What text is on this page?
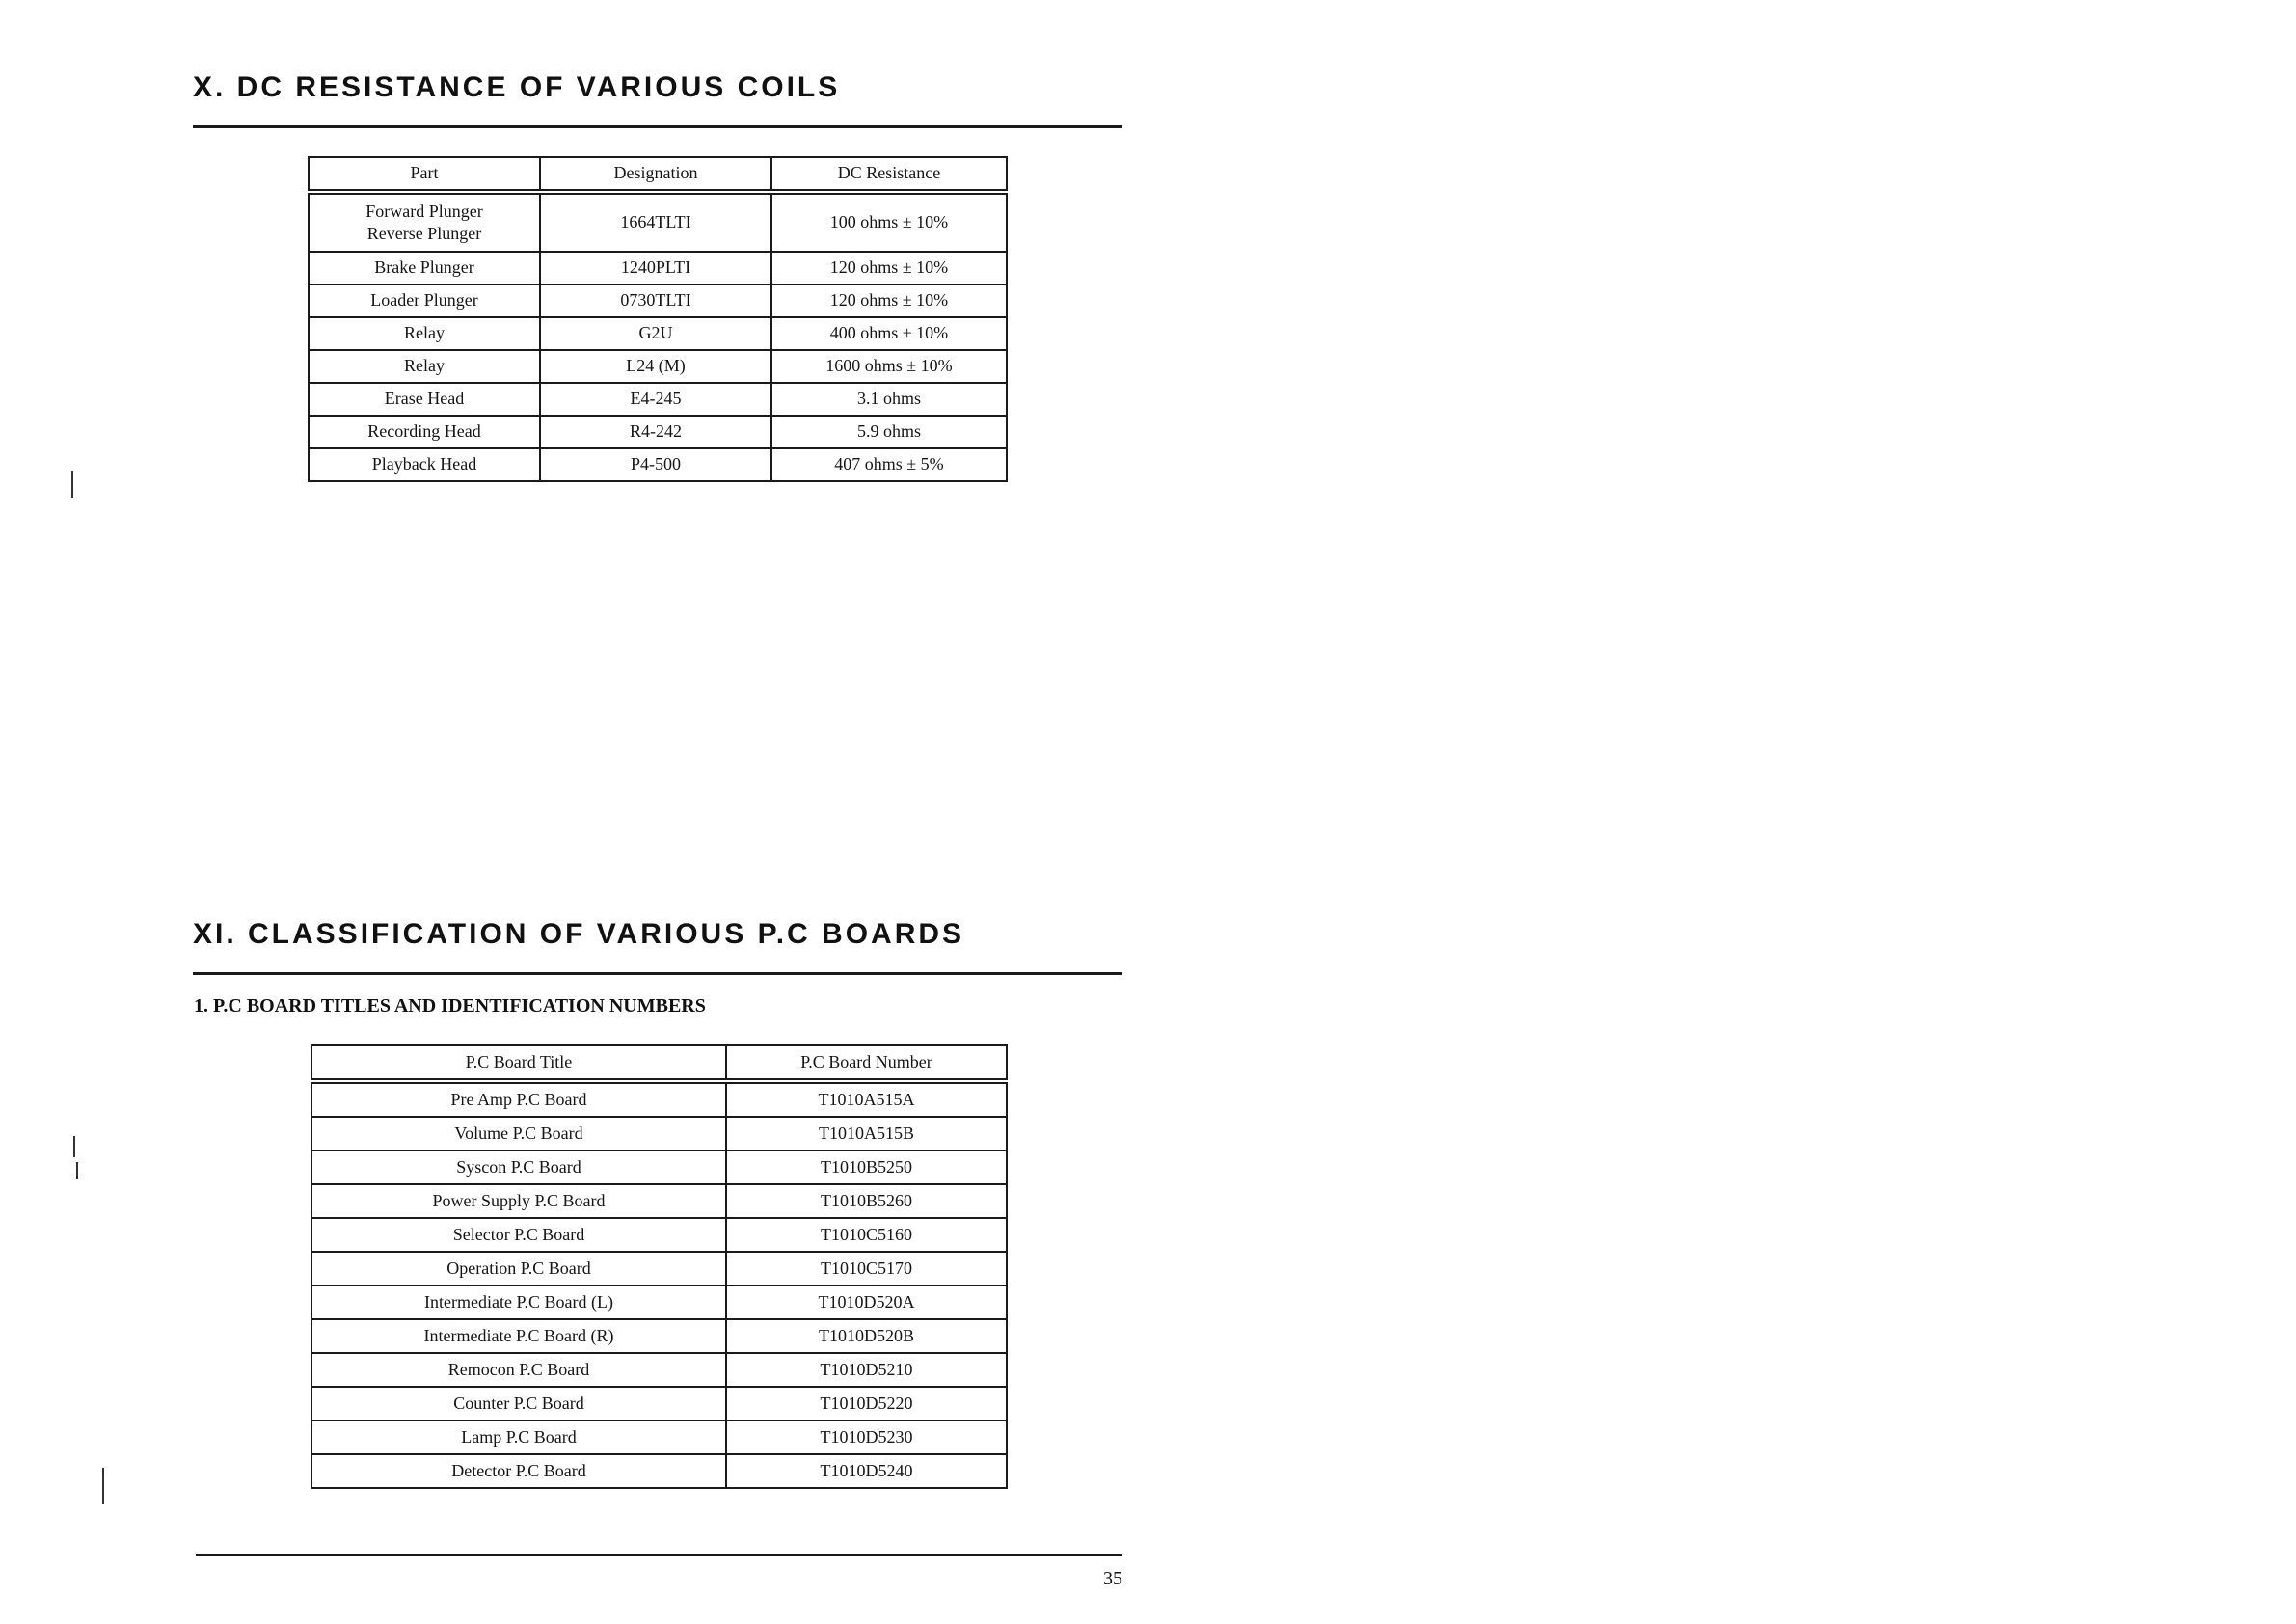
X. DC RESISTANCE OF VARIOUS COILS
Part	Designation	DC Resistance

Forward Plunger
Reverse Plunger	1664TLTI	100 ohms ± 10%
Brake Plunger	1240PLTI	120 ohms ± 10%
Loader Plunger	0730TLTI	120 ohms ± 10%
Relay	G2U	400 ohms ± 10%
Relay	L24 (M)	1600 ohms ± 10%
Erase Head	E4-245	3.1 ohms
Recording Head	R4-242	5.9 ohms
Playback Head	P4-500	407 ohms ± 5%
XI. CLASSIFICATION OF VARIOUS P.C BOARDS
1. P.C BOARD TITLES AND IDENTIFICATION NUMBERS
P.C Board Title	P.C Board Number
Pre Amp P.C Board	T1010A515A
Volume P.C Board	T1010A515B
Syscon P.C Board	T1010B5250
Power Supply P.C Board	T1010B5260
Selector P.C Board	T1010C5160
Operation P.C Board	T1010C5170
Intermediate P.C Board (L)	T1010D520A
Intermediate P.C Board (R)	T1010D520B
Remocon P.C Board	T1010D5210
Counter P.C Board	T1010D5220
Lamp P.C Board	T1010D5230
Detector P.C Board	T1010D5240
35
